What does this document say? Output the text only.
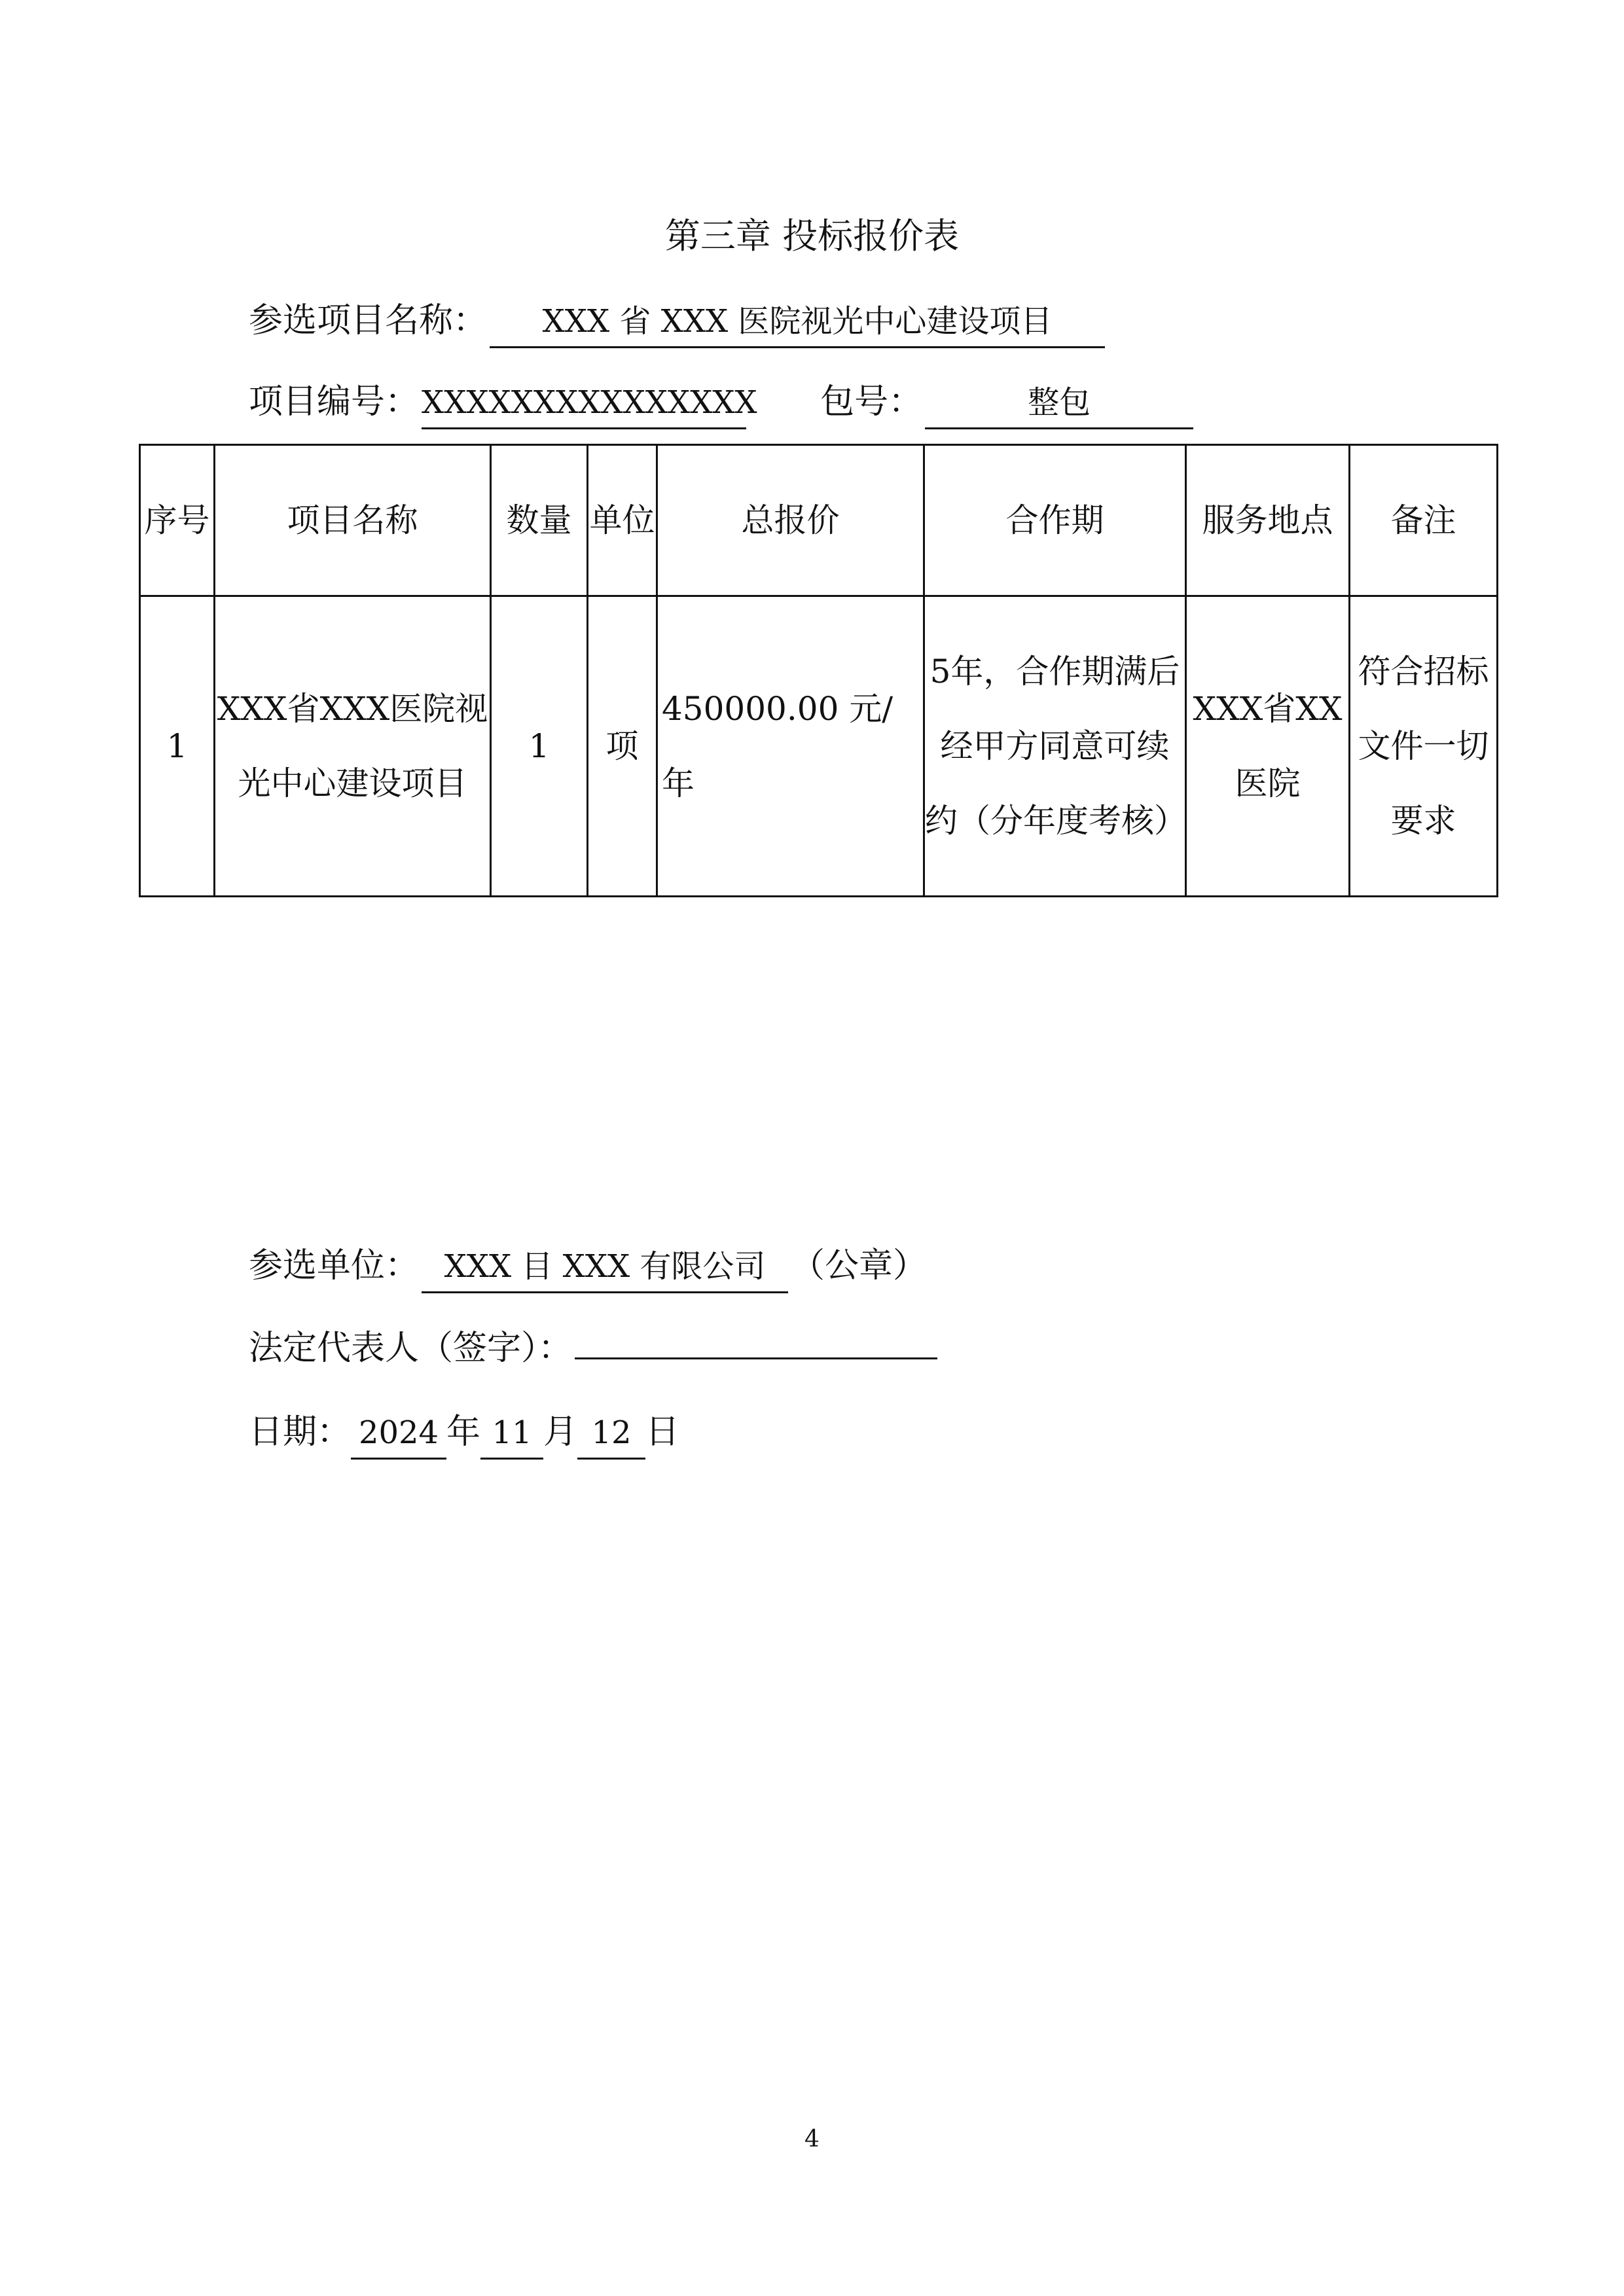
第三章 投标报价表
参选项目名称： XXX 省 XXX 医院视光中心建设项目
项目编号：XXXXXXXXXXXXXXX 包号：	整包
序号	项目名称	数量	单位	总报价	合作期	服务地点	备注
1	XXX省XXX医院视光中心建设项目	1	项	450000.00 元/年	5年，合作期满后经甲方同意可续约（分年度考核）	XXX省XX医院	符合招标文件一切要求
参选单位： XXX 目 XXX 有限公司 （公章）
法定代表人（签字）：
日期： 2024 年 11 月 12 日
4
